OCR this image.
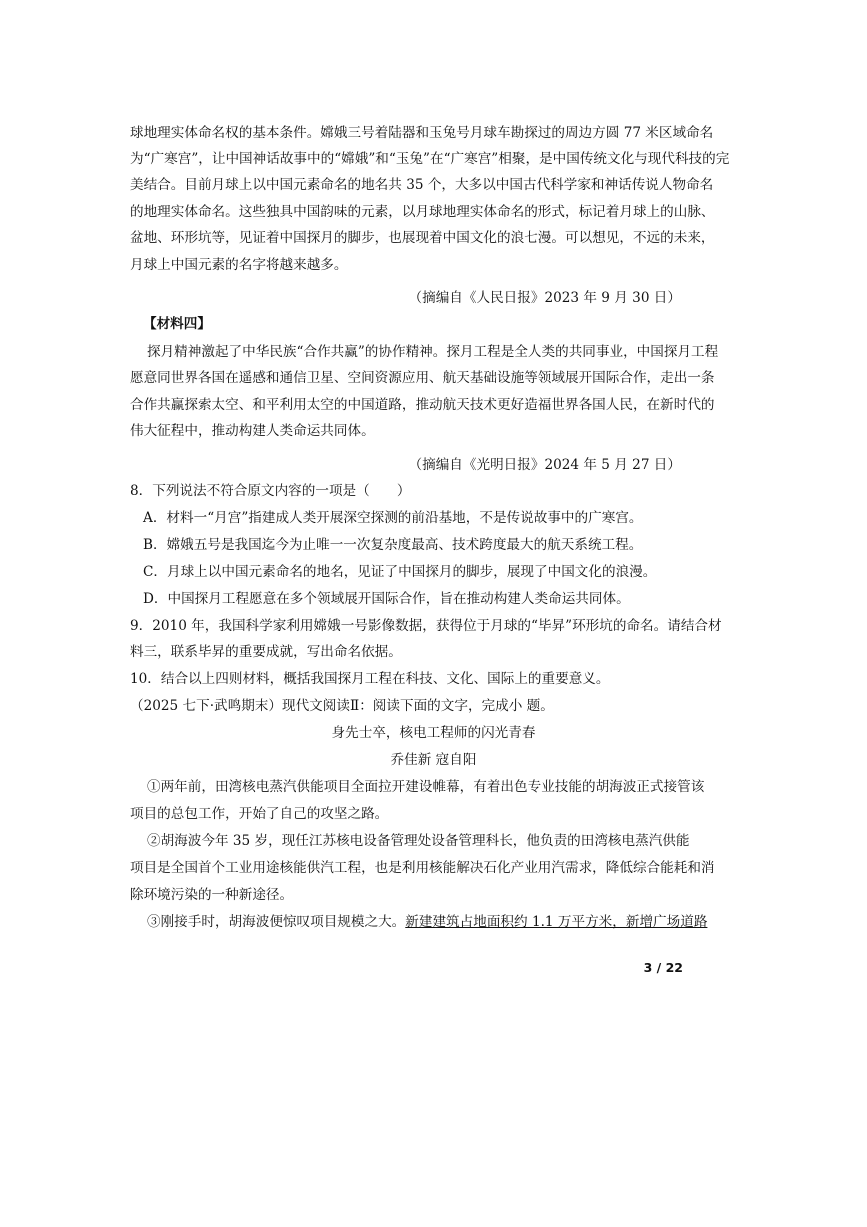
球地理实体命名权的基本条件。嫦娥三号着陆器和玉兔号月球车勘探过的周边方圆 77 米区域命名
为“广寒宫”，让中国神话故事中的“嫦娥”和“玉兔”在“广寒宫”相聚，是中国传统文化与现代科技的完
美结合。目前月球上以中国元素命名的地名共 35 个，大多以中国古代科学家和神话传说人物命名
的地理实体命名。这些独具中国韵味的元素，以月球地理实体命名的形式，标记着月球上的山脉、
盆地、环形坑等，见证着中国探月的脚步，也展现着中国文化的浪七漫。可以想见，不远的未来，
月球上中国元素的名字将越来越多。
（摘编自《人民日报》2023 年 9 月 30 日）
【材料四】
探月精神激起了中华民族“合作共赢”的协作精神。探月工程是全人类的共同事业，中国探月工程
愿意同世界各国在遥感和通信卫星、空间资源应用、航天基础设施等领域展开国际合作，走出一条
合作共赢探索太空、和平利用太空的中国道路，推动航天技术更好造福世界各国人民，在新时代的
伟大征程中，推动构建人类命运共同体。
（摘编自《光明日报》2024 年 5 月 27 日）
8．下列说法不符合原文内容的一项是（　　）
A．材料一“月宫”指建成人类开展深空探测的前沿基地，不是传说故事中的广寒宫。
B．嫦娥五号是我国迄今为止唯一一次复杂度最高、技术跨度最大的航天系统工程。
C．月球上以中国元素命名的地名，见证了中国探月的脚步，展现了中国文化的浪漫。
D．中国探月工程愿意在多个领域展开国际合作，旨在推动构建人类命运共同体。
9．2010 年，我国科学家利用嫦娥一号影像数据，获得位于月球的“毕昇”环形坑的命名。请结合材
料三，联系毕昇的重要成就，写出命名依据。
10．结合以上四则材料，概括我国探月工程在科技、文化、国际上的重要意义。
（2025 七下·武鸣期末）现代文阅读Ⅱ：阅读下面的文字，完成小 题。
身先士卒，核电工程师的闪光青春
乔佳新 寇自阳
①两年前，田湾核电蒸汽供能项目全面拉开建设帷幕，有着出色专业技能的胡海波正式接管该
项目的总包工作，开始了自己的攻坚之路。
②胡海波今年 35 岁，现任江苏核电设备管理处设备管理科长，他负责的田湾核电蒸汽供能
项目是全国首个工业用途核能供汽工程，也是利用核能解决石化产业用汽需求，降低综合能耗和消
除环境污染的一种新途径。
③刚接手时，胡海波便惊叹项目规模之大。新建建筑占地面积约 1.1 万平方米，新增广场道路
3 / 22
